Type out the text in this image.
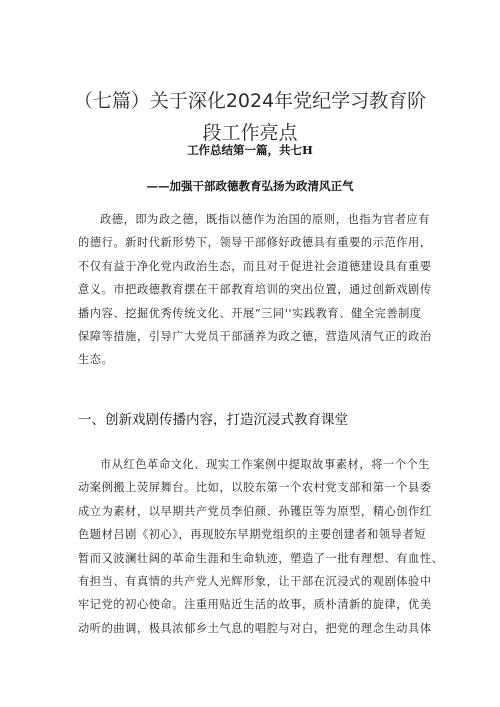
（七篇）关于深化2024年党纪学习教育阶
段工作亮点

工作总结第一篇，共七H

——加强干部政德教育弘扬为政清风正气

政德，即为政之德，既指以德作为治国的原则，也指为官者应有
的德行。新时代新形势下，领导干部修好政德具有重要的示范作用，
不仅有益于净化党内政治生态，而且对于促进社会道德建设具有重要
意义。市把政德教育摆在干部教育培训的突出位置，通过创新戏剧传
播内容、挖掘优秀传统文化、开展“三同''实践教育、健全完善制度
保障等措施，引导广大党员干部涵养为政之德，营造风清气正的政治
生态。
一、创新戏剧传播内容，打造沉浸式教育课堂
市从红色革命文化、现实工作案例中提取故事素材，将一个个生
动案例搬上荧屏舞台。比如，以胶东第一个农村党支部和第一个县委
成立为素材，以早期共产党员李伯颜、孙镬臣等为原型，精心创作红
色题材吕剧《初心》，再现胶东早期党组织的主要创建者和领导者短
暂而又波澜壮阔的革命生涯和生命轨迹，塑造了一批有理想、有血性、
有担当、有真情的共产党人光辉形象，让干部在沉浸式的观剧体验中
牢记党的初心使命。注重用贴近生活的故事，质朴清新的旋律，优美
动听的曲调，极具浓郁乡土气息的唱腔与对白，把党的理念生动具体
